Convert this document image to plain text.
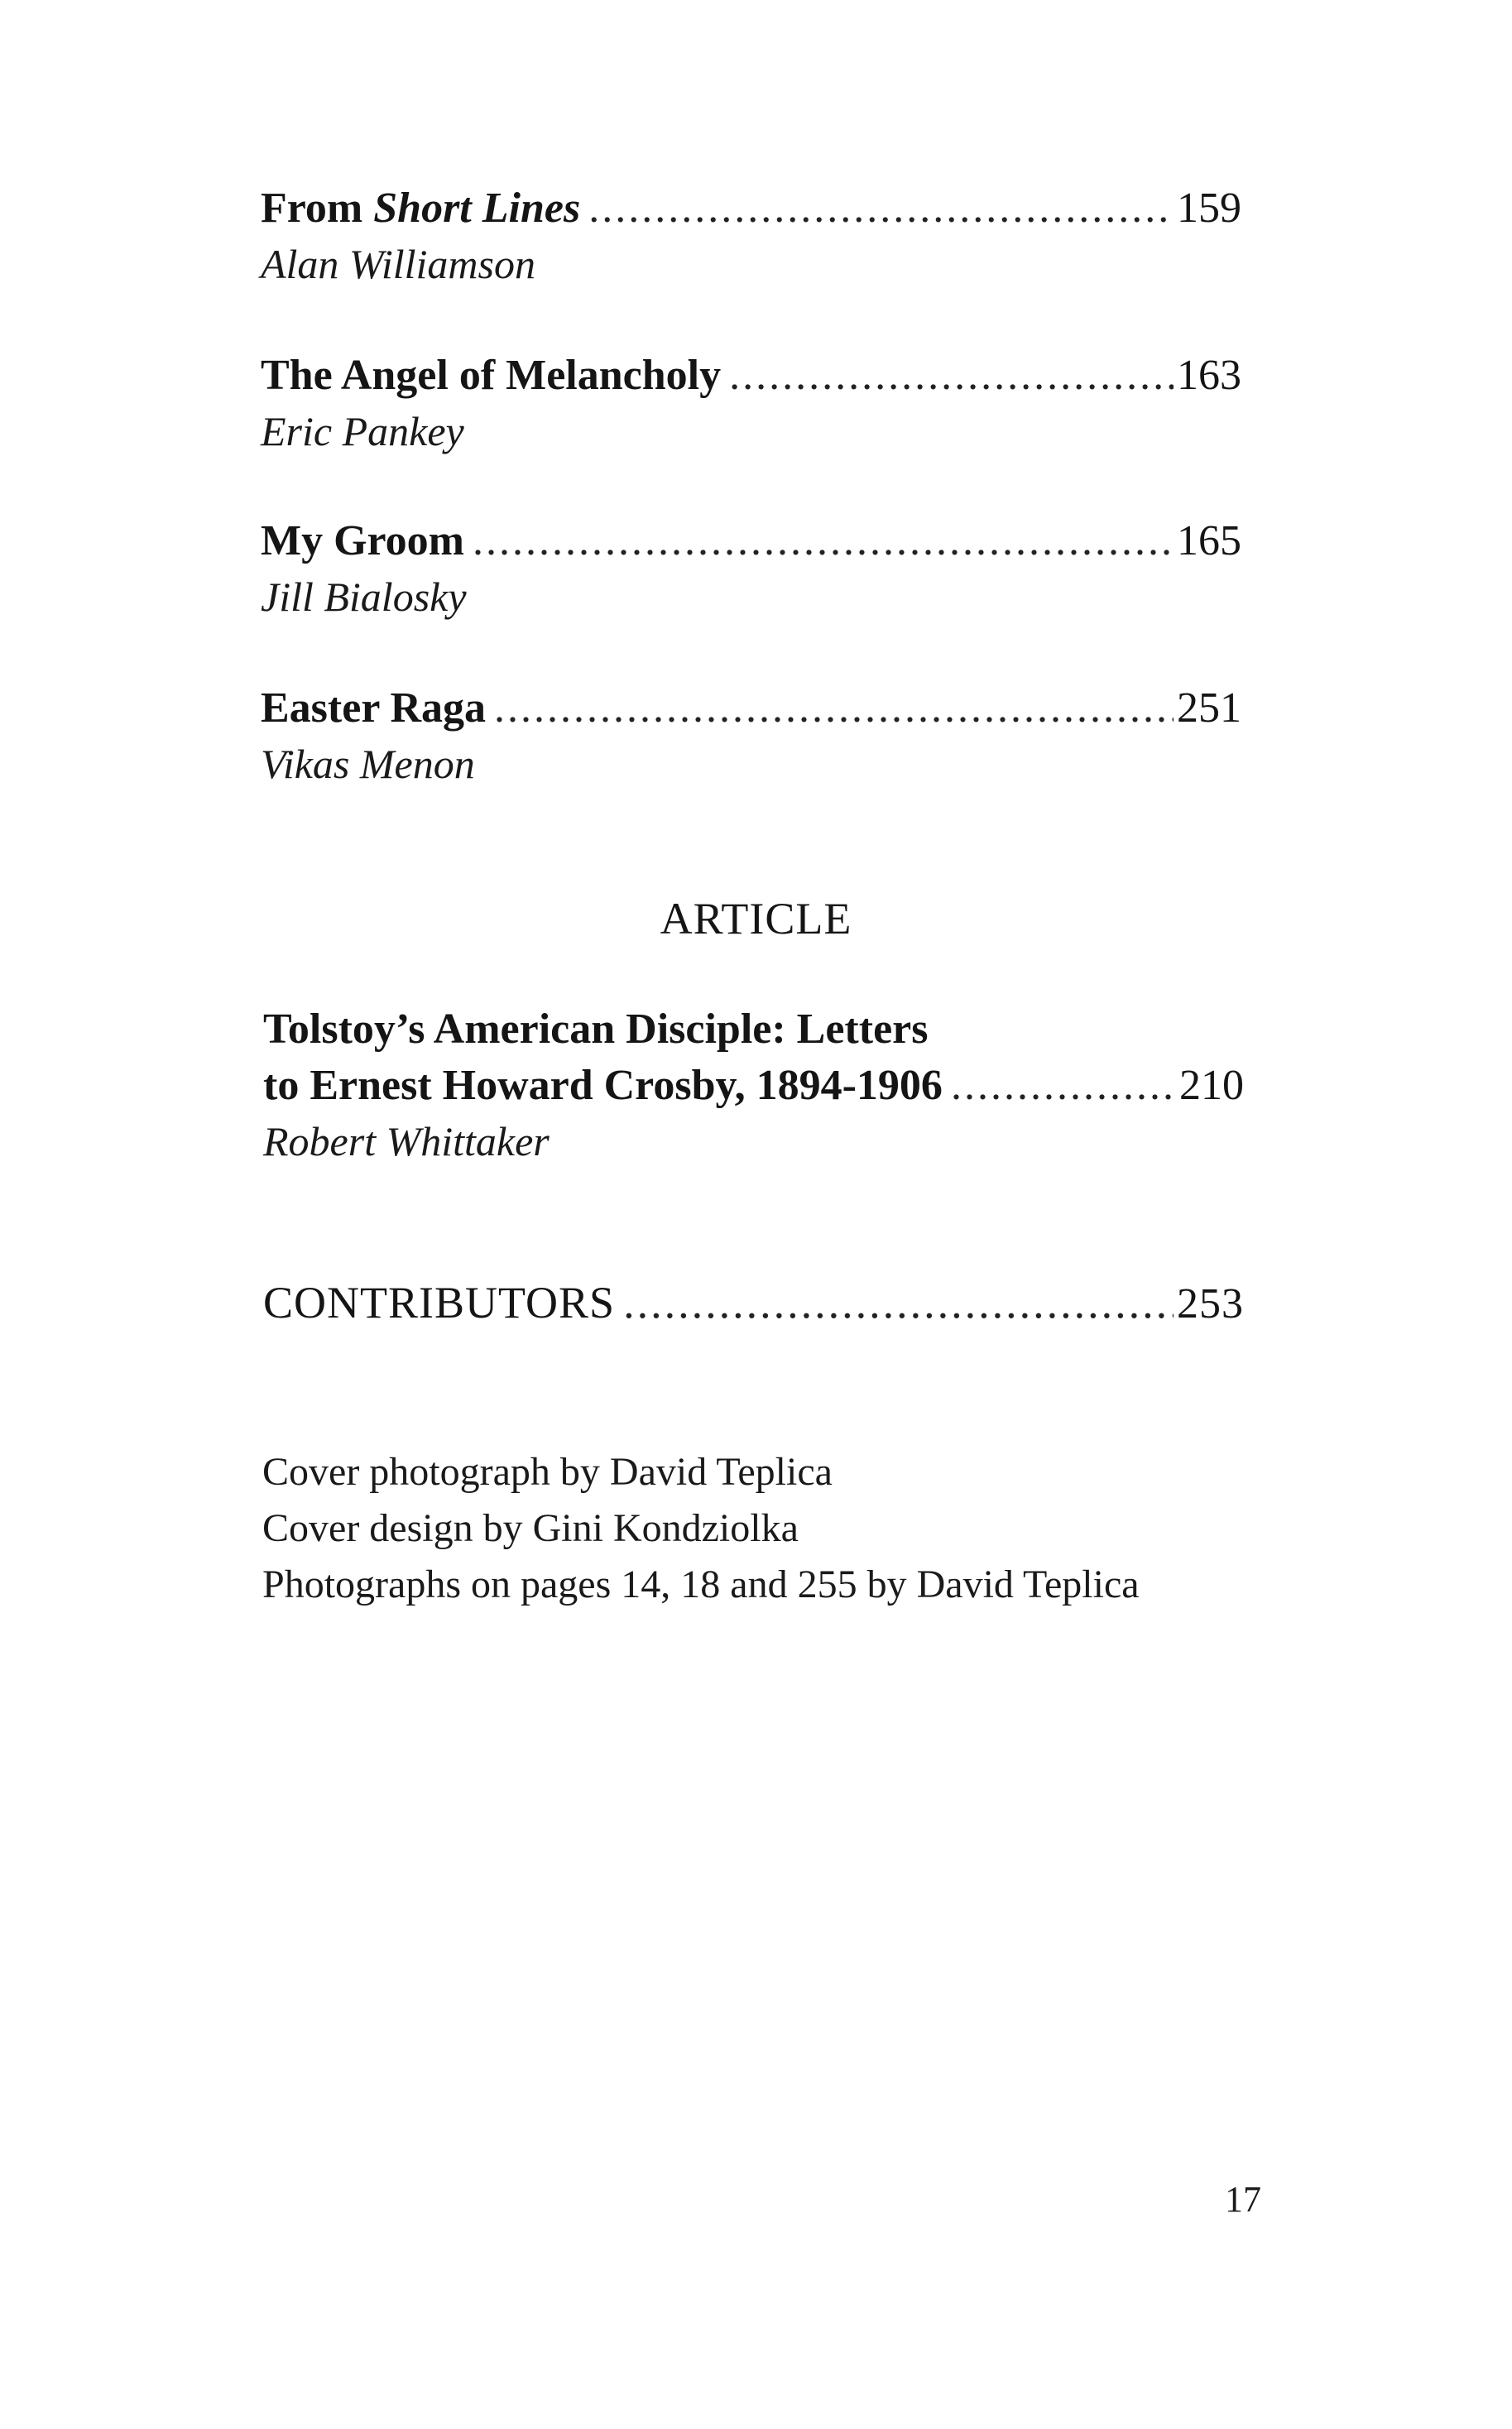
From Short Lines .....	159
Alan Williamson
The Angel of Melancholy .....	163
Eric Pankey
My Groom .....	165
Jill Bialosky
Easter Raga .....	251
Vikas Menon
ARTICLE
Tolstoy’s American Disciple: Letters
to Ernest Howard Crosby, 1894-1906 .....	210
Robert Whittaker
CONTRIBUTORS .....	253
Cover photograph by David Teplica
Cover design by Gini Kondziolka
Photographs on pages 14, 18 and 255 by David Teplica
17
